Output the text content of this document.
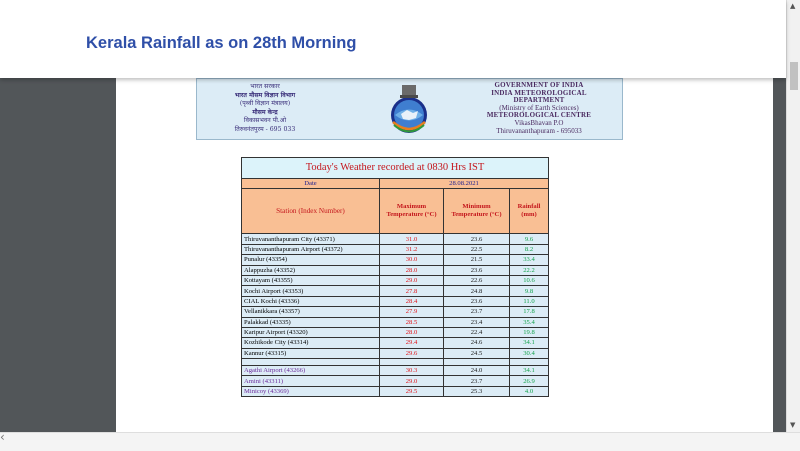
भारत सरकार
भारत मौसम विज्ञान विभाग
(पृथ्वी विज्ञान मंत्रालय)
मौसम केन्द्र
विकासभवन पी.ओ
तिरुवनंतपुरम - 695 033
GOVERNMENT OF INDIA
INDIA METEOROLOGICAL
DEPARTMENT
(Ministry of Earth Sciences)
METEOROLOGICAL CENTRE
VikasBhavan P.O
Thiruvananthapuram - 695033
Today's Weather recorded at 0830 Hrs IST			
Date	28.08.2021		
Station (Index Number)	Maximum Temperature (°C)	Minimum Temperature (°C)	Rainfall (mm)
Thiruvananthapuram City (43371)	31.0	23.6	9.6
Thiruvananthapuram Airport (43372)	31.2	22.5	8.2
Punalur (43354)	30.0	21.5	33.4
Alappuzha (43352)	28.0	23.6	22.2
Kottayam (43355)	29.0	22.6	10.6
Kochi Airport (43353)	27.8	24.8	9.8
CIAL Kochi (43336)	28.4	23.6	11.0
Vellanikkara (43357)	27.9	23.7	17.8
Palakkad (43335)	28.5	23.4	35.4
Karipur Airport (43320)	28.0	22.4	19.8
Kozhikode City (43314)	29.4	24.6	34.1
Kannur (43315)	29.6	24.5	30.4

Agathi Airport (43266)	30.3	24.0	34.1
Amini (43311)	29.0	23.7	26.9
Minicoy (43369)	29.5	25.3	4.0
Kerala Rainfall as on 28th Morning
▲
▼
‹
